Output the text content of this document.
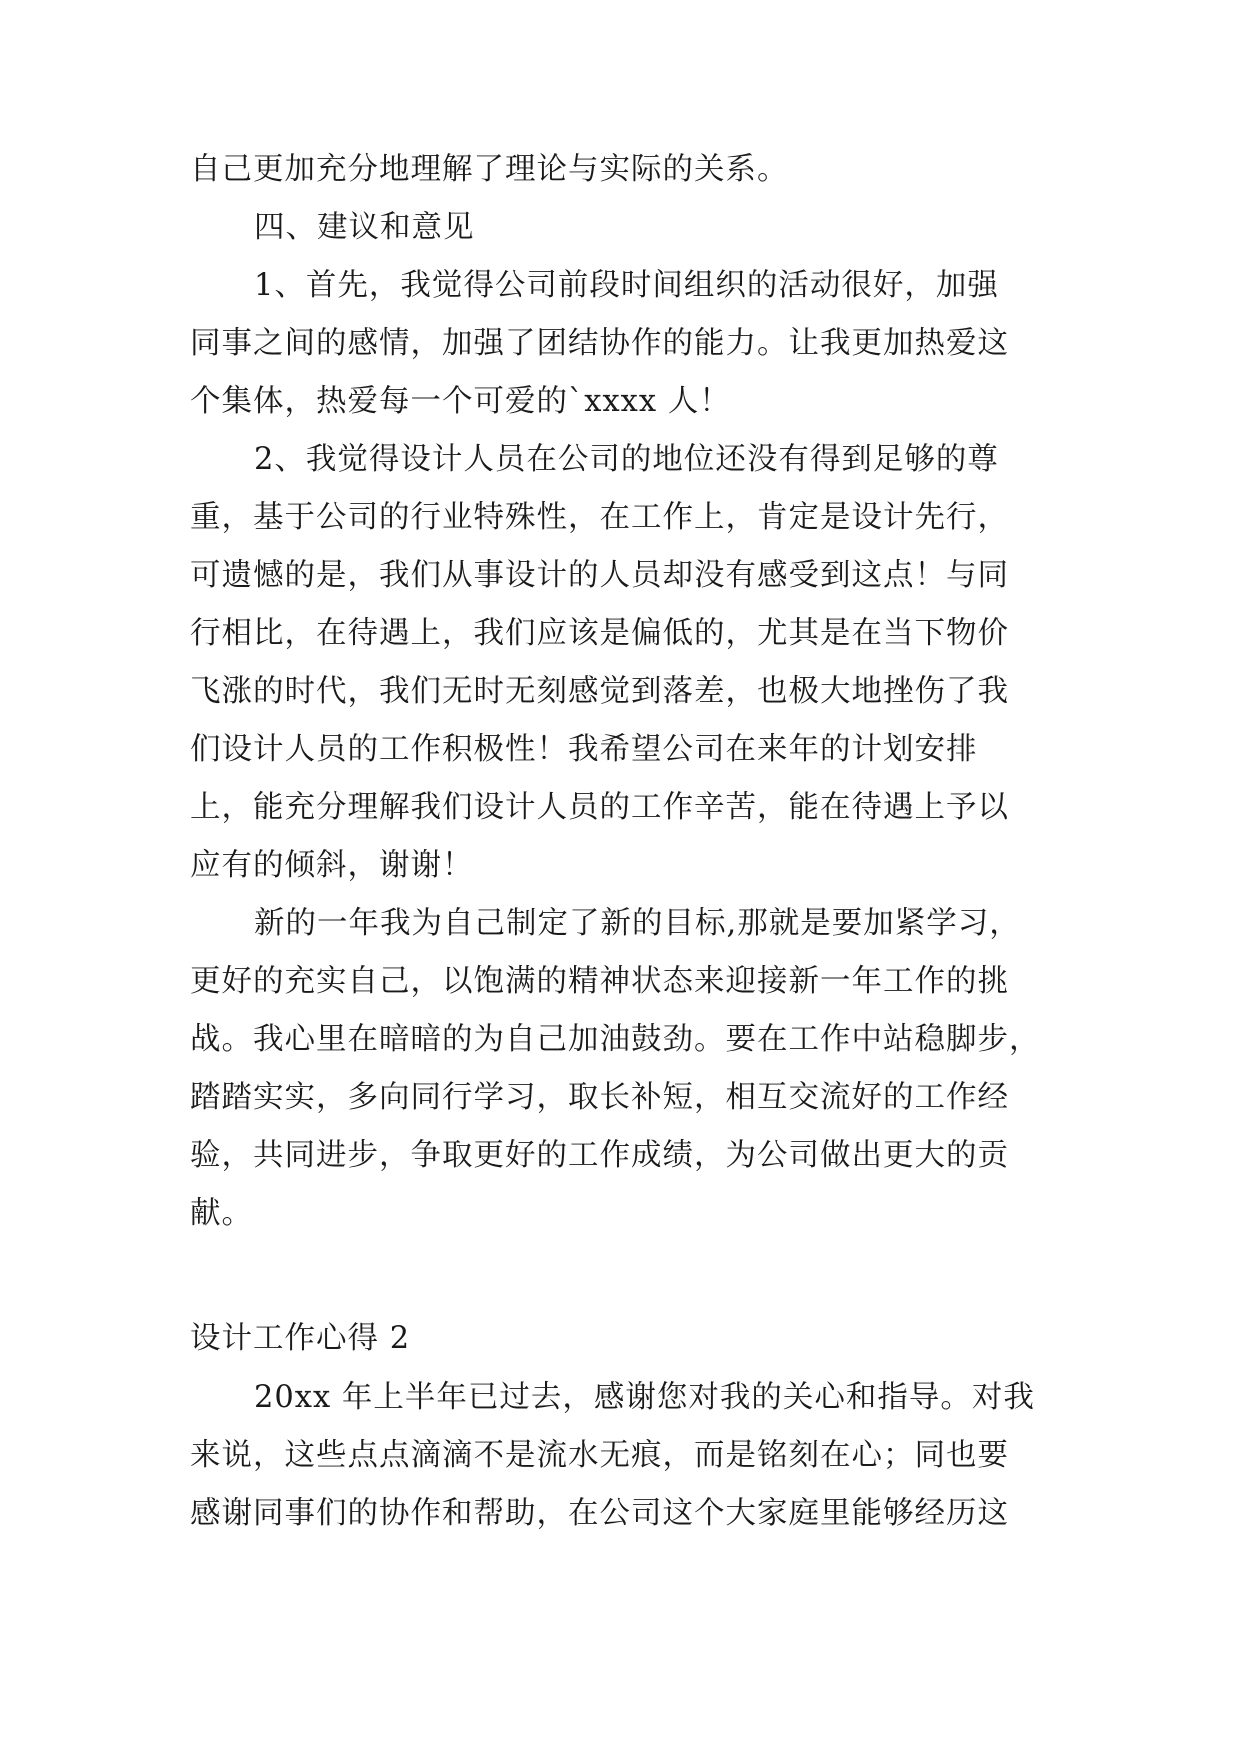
自己更加充分地理解了理论与实际的关系。
四、建议和意见
1、首先，我觉得公司前段时间组织的活动很好，加强
同事之间的感情，加强了团结协作的能力。让我更加热爱这
个集体，热爱每一个可爱的`xxxx 人！
2、我觉得设计人员在公司的地位还没有得到足够的尊
重，基于公司的行业特殊性，在工作上，肯定是设计先行，
可遗憾的是，我们从事设计的人员却没有感受到这点！与同
行相比，在待遇上，我们应该是偏低的，尤其是在当下物价
飞涨的时代，我们无时无刻感觉到落差，也极大地挫伤了我
们设计人员的工作积极性！我希望公司在来年的计划安排
上，能充分理解我们设计人员的工作辛苦，能在待遇上予以
应有的倾斜，谢谢！
新的一年我为自己制定了新的目标,那就是要加紧学习，
更好的充实自己，以饱满的精神状态来迎接新一年工作的挑
战。我心里在暗暗的为自己加油鼓劲。要在工作中站稳脚步，
踏踏实实，多向同行学习，取长补短，相互交流好的工作经
验，共同进步，争取更好的工作成绩，为公司做出更大的贡
献。
设计工作心得 2
20xx 年上半年已过去，感谢您对我的关心和指导。对我
来说，这些点点滴滴不是流水无痕，而是铭刻在心；同也要
感谢同事们的协作和帮助，在公司这个大家庭里能够经历这
